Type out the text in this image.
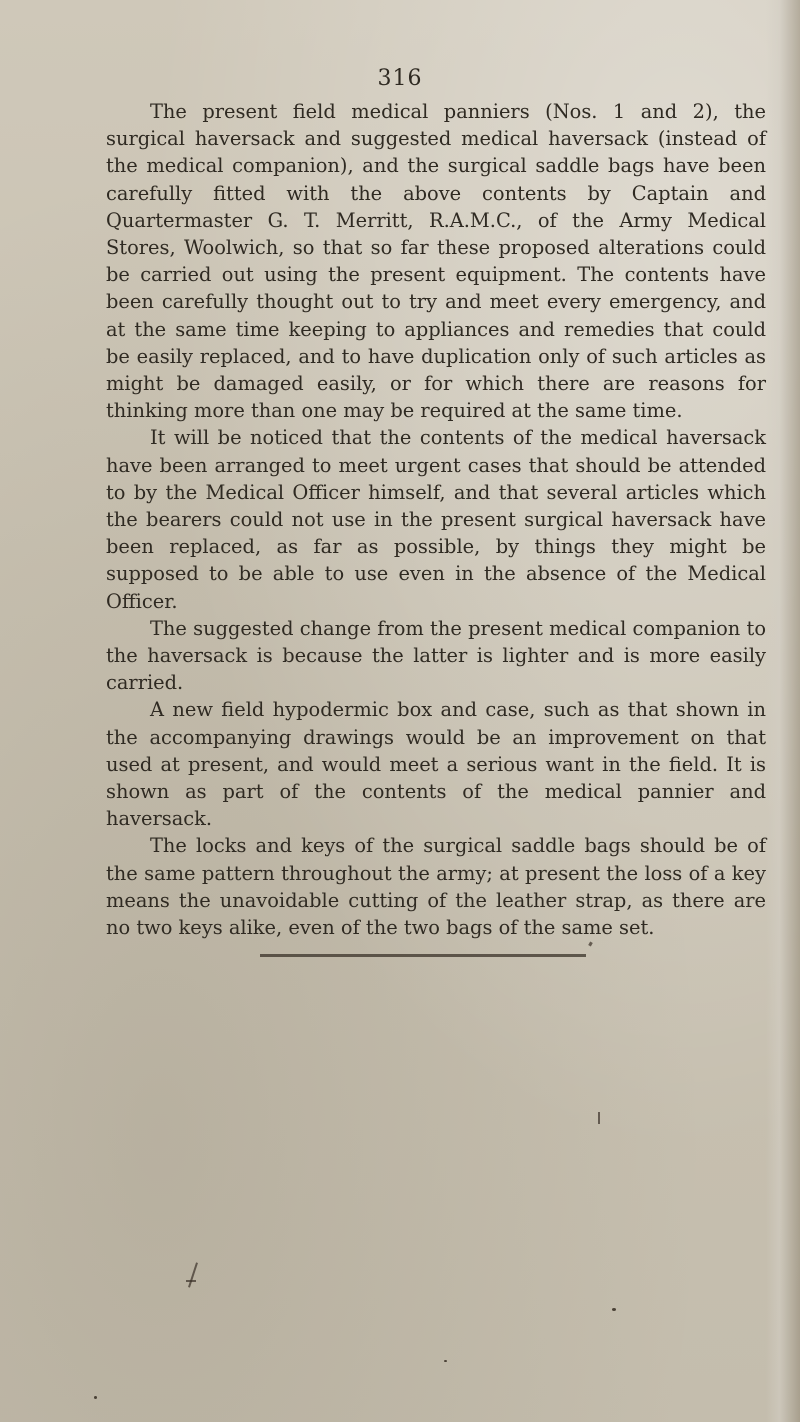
316

The present field medical panniers (Nos. 1 and 2), the surgical haversack and suggested medical haversack (instead of the medical companion), and the surgical saddle bags have been carefully fitted with the above contents by Captain and Quartermaster G. T. Merritt, R.A.M.C., of the Army Medical Stores, Woolwich, so that so far these proposed alterations could be carried out using the present equipment. The contents have been carefully thought out to try and meet every emergency, and at the same time keeping to appliances and remedies that could be easily replaced, and to have duplication only of such articles as might be damaged easily, or for which there are reasons for thinking more than one may be required at the same time.

It will be noticed that the contents of the medical haversack have been arranged to meet urgent cases that should be attended to by the Medical Officer himself, and that several articles which the bearers could not use in the present surgical haversack have been replaced, as far as possible, by things they might be supposed to be able to use even in the absence of the Medical Officer.

The suggested change from the present medical companion to the haversack is because the latter is lighter and is more easily carried.

A new field hypodermic box and case, such as that shown in the accompanying drawings would be an improvement on that used at present, and would meet a serious want in the field. It is shown as part of the contents of the medical pannier and haversack.

The locks and keys of the surgical saddle bags should be of the same pattern throughout the army; at present the loss of a key means the unavoidable cutting of the leather strap, as there are no two keys alike, even of the two bags of the same set.
